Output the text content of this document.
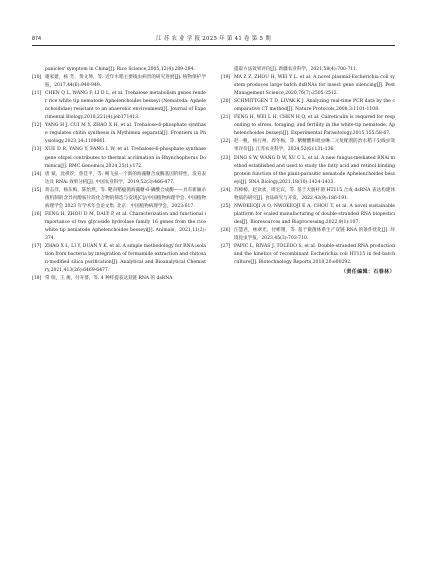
874	江 苏 农 业 学 报 2025 年 第 41 卷 第 5 期
panicles' symptom in China[J]. Rice Science,2005,12(4):289-294.
[10] 谢家建，杨 芳，黄文坤，等. 近年水稻主要线虫病害的研究进展[J]. 植物保护学报，2017,44(6):940-949.
[11] CHEN Q L, WANG F, LI D L, et al. Trehalose metabolism genes render rice white tip nematode Aphelenchoides besseyi (Nematoda: Aphelenchoididae) resistant to an anaerobic environment[J]. Journal of Experimental Biology,2018,221(4):jeb171413.
[12] YANG H J, CUI M Y, ZHAO X H, et al. Trehalose-6-phosphate synthase regulates chitin synthesis in Mythimna separata[J]. Frontiers in Physiology,2023,14:1109661.
[13] XUE D R, YANG Y, FANG L W, et al. Trehalose-6-phosphate synthase gene ofspel contributes to thermal acclimation in Rhynchophorus Dominica[J]. BMC Genomics,2024,25(1):172.
[14] 唐 斌，沈祺汐，曾佳平，等. 褐飞虱一个新的海藻糖合成酶基因的特性、发育表达及 RNAi 效果分析[J]. 中国农业科学，2019,52(3):466-477.
[15] 蒋志洋，杨东梅，陈怡然，等. 靶向稻瘟菌海藻糖-6-磷酸合成酶——具有新颖杀菌机制的含异丙醇胺片段化合物的筛选与发现[C]//中国植物病理学会. 中国植物病理学会 2023 年学术年会论文集. 北京：中国植物病理学会，2023:617.
[16] FENG H, ZHOU D M, DALY P, et al. Characterization and functional importance of two glycoside hydrolase family 16 genes from the rice white tip nematode Aphelenchoides besseyi[J]. Animals，2021,11(2):374.
[17] ZHAO X L, LI Y, DUAN Y K, et al. A simple methodology for RNA isolation from bacteria by integration of formamide extraction and chitosan-modified silica purification[J]. Analytical and Bioanalytical Chemistry,2021,413(26):6469-6477.
[18] 常 瑞，王 俊，付开赟，等. 4 种样提表达双链 RNA 的 dsRNA
提取方法效果评价[J]. 新疆农业科学，2021,58(4):700-711.
[19] MA Z Z, ZHOU H, WEI Y L, et al. A novel plasmid-Escherichia coli system produces large batch dsRNAs for insect gene silencing[J]. Pest Management Science,2020,76(7):2505-2512.
[20] SCHMITTGEN T D, LIVAK K J. Analyzing real-time PCR data by the comparative CT method[J]. Nature Protocols,2008,3:1101-1108.
[21] FENG H, WEI L H, CHEN H Q, et al. Calreticulin is required for responding to stress, foraging, and fertility in the white-tip nematode, Aphelenchoides besseyi[J]. Experimental Parasitology,2015,155:58-67.
[22] 赵一帆，杨行州，周冬梅，等. 糖精酸和吡虫啉二元复配剂防治水稻干尖线虫效果评价[J]. 江苏农业科学，2024,52(6):131-136.
[23] DING S W, WANG D W, XU C L, et al. A new fungus-mediated RNAi method established and used to study the fatty acid and retinol binding protein function of the plant-parasitic nematode Aphelenchoides besseyi[J]. RNA Biology,2021,18(10):1424-1433.
[24] 苏樟樟，赵欢欢，周宏宾，等. 基于大肠杆菌 HT115 合成 dsRNA 表达构建体物质的研究[J]. 食品研究与开发，2022,43(9):186-191.
[25] NWOKEOJI A O, NWOKEOJI E A, CHOU T, et al. A novel sustainable platform for scaled manufacturing of double-stranded RNA biopesticides[J]. Bioresources and Bioprocessing,2022,9(1):107.
[26] 汪慧君，林翠光，付彬翔，等. 基于微菌体系生产双链 RNA 的条件优化[J]. 环境昆虫学报，2023,45(3):703-710.
[27] PAPIC L, RIVAS J, TOLEDO S, et al. Double-stranded RNA production and the kinetics of recombinant Escherichia coli HT115 in fed-batch culture[J]. Biotechnology Reports,2018,20:e00292.
（责任编辑：石春林）
